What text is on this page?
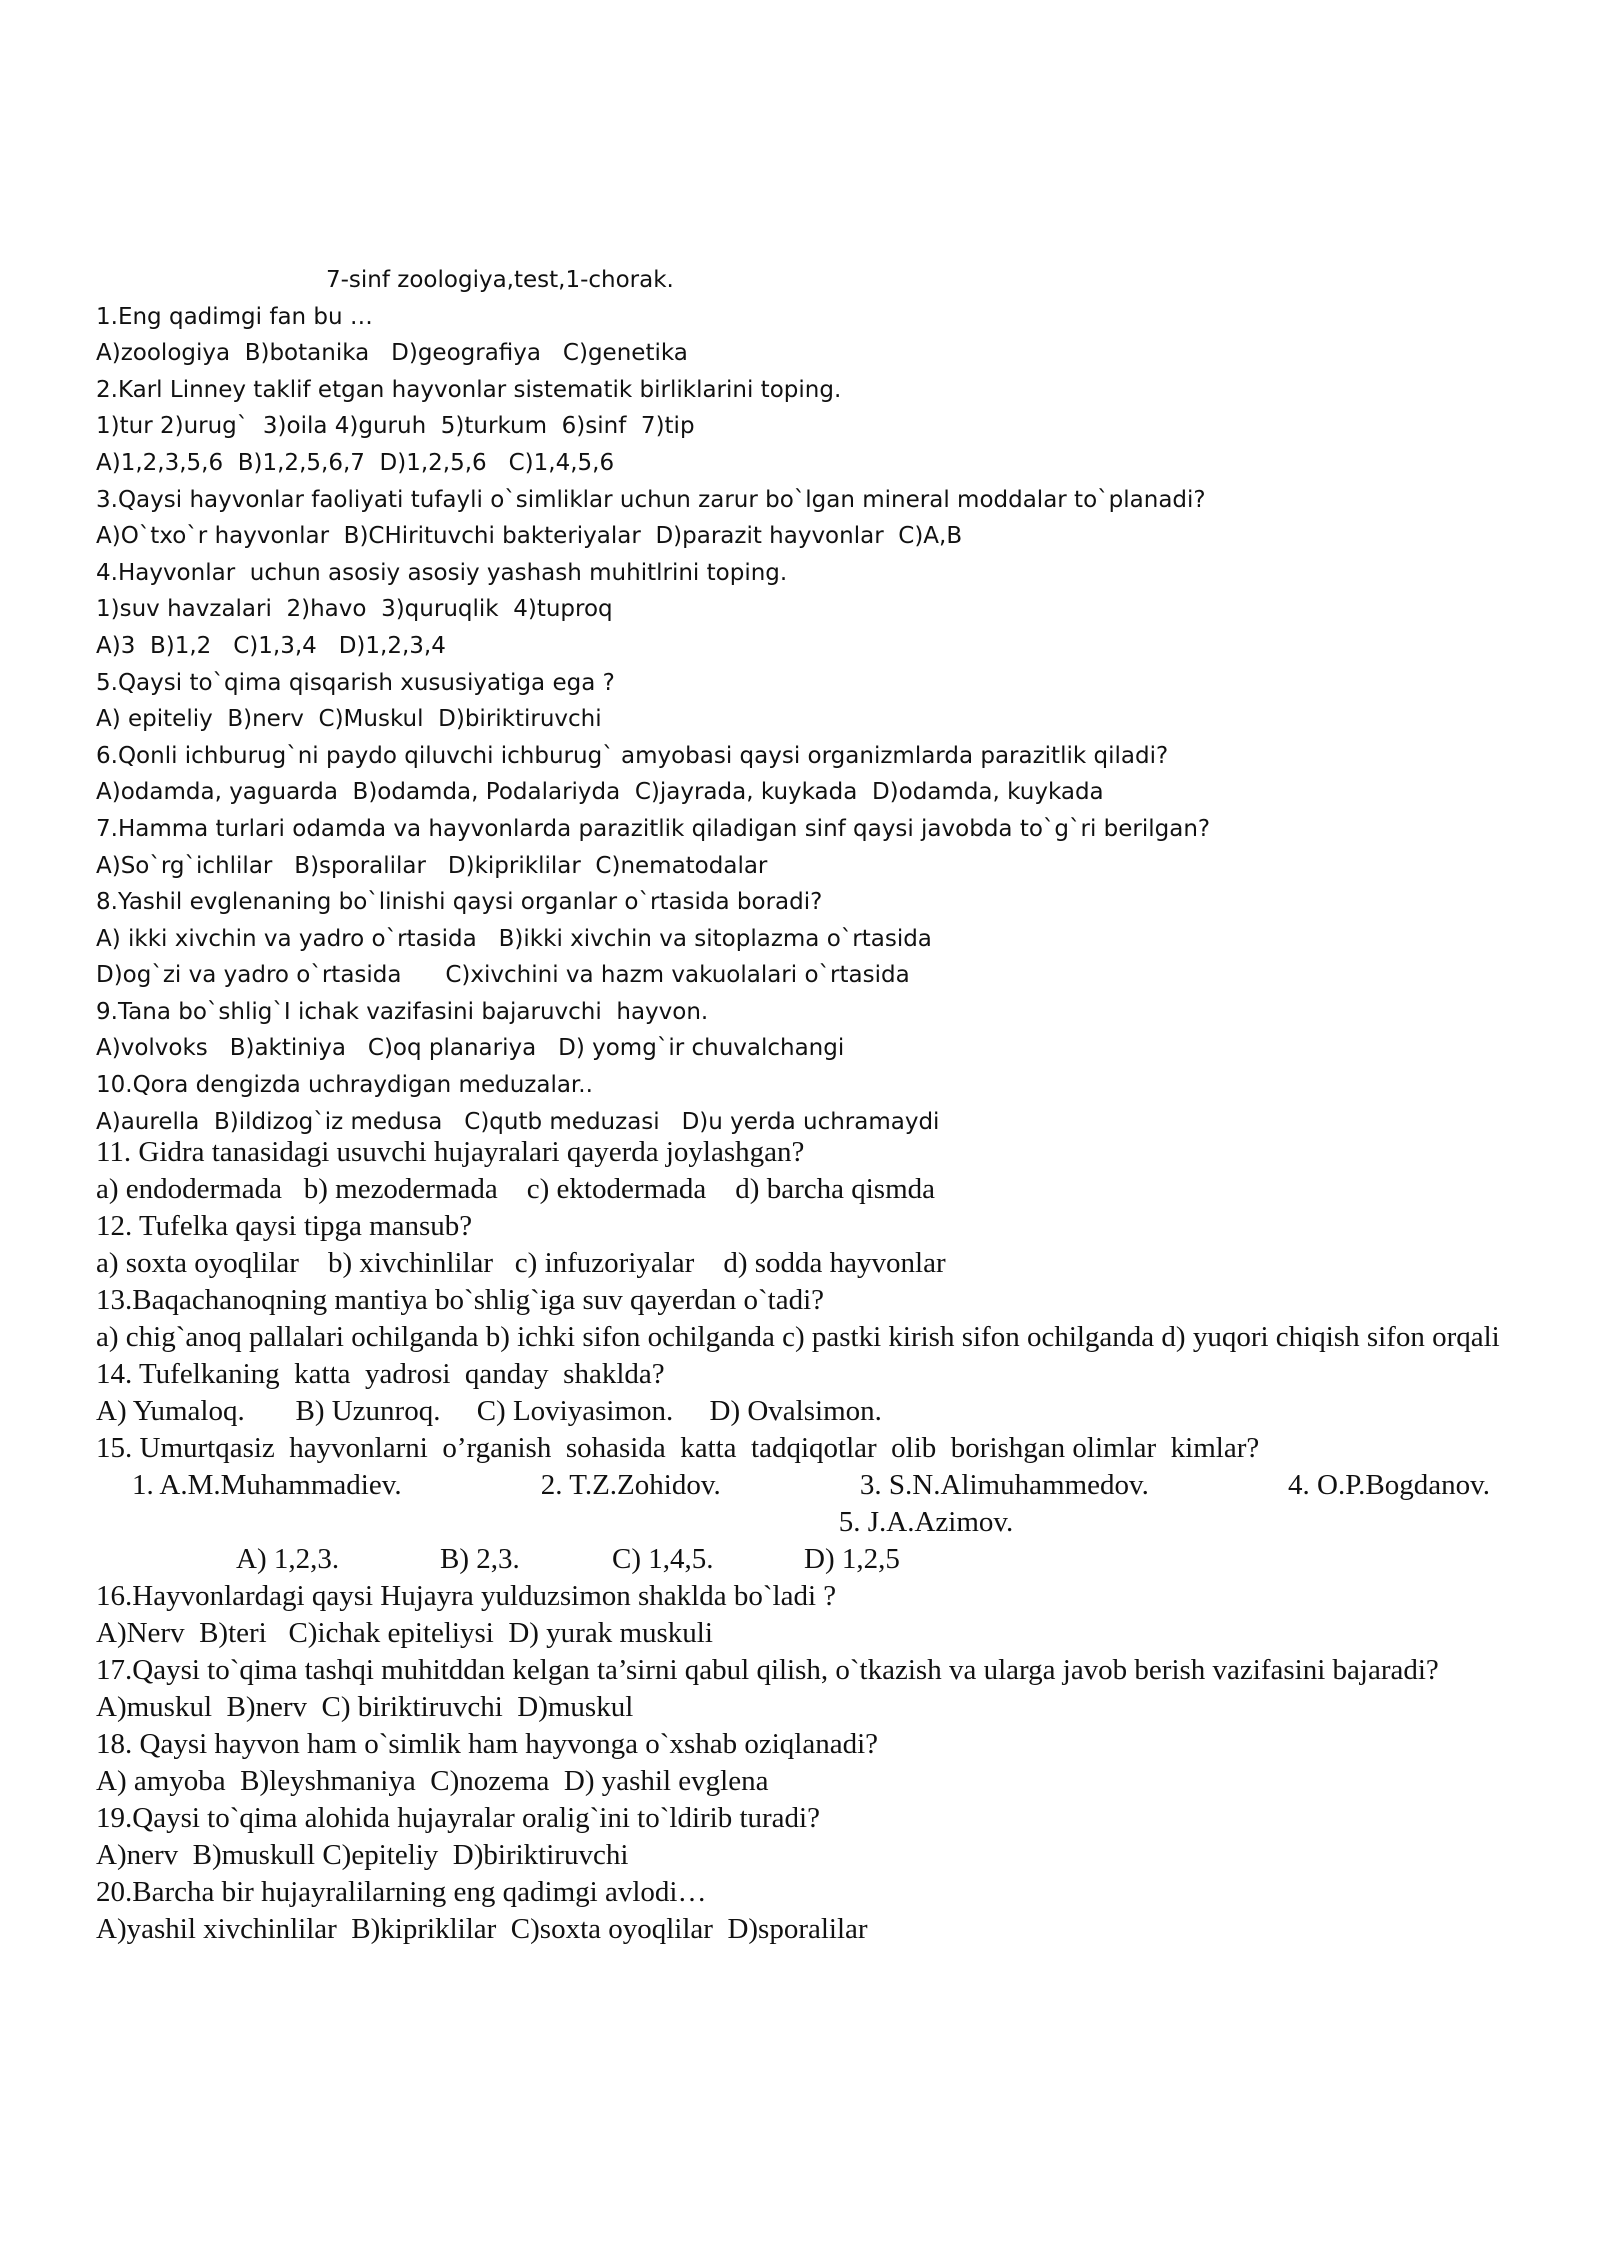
7-sinf zoologiya,test,1-chorak.
1.Eng qadimgi fan bu …
A)zoologiya  B)botanika   D)geografiya   C)genetika
2.Karl Linney taklif etgan hayvonlar sistematik birliklarini toping.
1)tur 2)urug`  3)oila 4)guruh  5)turkum  6)sinf  7)tip
A)1,2,3,5,6  B)1,2,5,6,7  D)1,2,5,6   C)1,4,5,6
3.Qaysi hayvonlar faoliyati tufayli o`simliklar uchun zarur bo`lgan mineral moddalar to`planadi?
A)O`txo`r hayvonlar  B)CHirituvchi bakteriyalar  D)parazit hayvonlar  C)A,B
4.Hayvonlar  uchun asosiy asosiy yashash muhitlrini toping.
1)suv havzalari  2)havo  3)quruqlik  4)tuproq
A)3  B)1,2   C)1,3,4   D)1,2,3,4
5.Qaysi to`qima qisqarish xususiyatiga ega ?
A) epiteliy  B)nerv  C)Muskul  D)biriktiruvchi
6.Qonli ichburug`ni paydo qiluvchi ichburug` amyobasi qaysi organizmlarda parazitlik qiladi?
A)odamda, yaguarda  B)odamda, Podalariyda  C)jayrada, kuykada  D)odamda, kuykada
7.Hamma turlari odamda va hayvonlarda parazitlik qiladigan sinf qaysi javobda to`g`ri berilgan?
A)So`rg`ichlilar   B)sporalilar   D)kipriklilar  C)nematodalar
8.Yashil evglenaning bo`linishi qaysi organlar o`rtasida boradi?
A) ikki xivchin va yadro o`rtasida   B)ikki xivchin va sitoplazma o`rtasida
D)og`zi va yadro o`rtasida      C)xivchini va hazm vakuolalari o`rtasida
9.Tana bo`shlig`I ichak vazifasini bajaruvchi  hayvon.
A)volvoks   B)aktiniya   C)oq planariya   D) yomg`ir chuvalchangi
10.Qora dengizda uchraydigan meduzalar..
A)aurella  B)ildizog`iz medusa   C)qutb meduzasi   D)u yerda uchramaydi
11. Gidra tanasidagi usuvchi hujayralari qayerda joylashgan?
a) endodermada   b) mezodermada    c) ektodermada    d) barcha qismda
12. Tufelka qaysi tipga mansub?
a) soxta oyoqlilar    b) xivchinlilar   c) infuzoriyalar    d) sodda hayvonlar
13.Baqachanoqning mantiya bo`shlig`iga suv qayerdan o`tadi?
a) chig`anoq pallalari ochilganda b) ichki sifon ochilganda c) pastki kirish sifon ochilganda d) yuqori chiqish sifon orqali
14. Tufelkaning  katta  yadrosi  qanday  shaklda?
A) Yumaloq.       B) Uzunroq.     C) Loviyasimon.     D) Ovalsimon.
15. Umurtqasiz  hayvonlarni  o’rganish  sohasida  katta  tadqiqotlar  olib  borishgan olimlar  kimlar?
1. A.M.Muhammadiev.	2. T.Z.Zohidov.	3. S.N.Alimuhammedov.	4. O.P.Bogdanov.
5. J.A.Azimov.
A) 1,2,3.	B) 2,3.	C) 1,4,5.	D) 1,2,5
16.Hayvonlardagi qaysi Hujayra yulduzsimon shaklda bo`ladi ?
A)Nerv  B)teri   C)ichak epiteliysi  D) yurak muskuli
17.Qaysi to`qima tashqi muhitddan kelgan ta’sirni qabul qilish, o`tkazish va ularga javob berish vazifasini bajaradi?
A)muskul  B)nerv  C) biriktiruvchi  D)muskul
18. Qaysi hayvon ham o`simlik ham hayvonga o`xshab oziqlanadi?
A) amyoba  B)leyshmaniya  C)nozema  D) yashil evglena
19.Qaysi to`qima alohida hujayralar oralig`ini to`ldirib turadi?
A)nerv  B)muskull C)epiteliy  D)biriktiruvchi
20.Barcha bir hujayralilarning eng qadimgi avlodi…
A)yashil xivchinlilar  B)kipriklilar  C)soxta oyoqlilar  D)sporalilar
